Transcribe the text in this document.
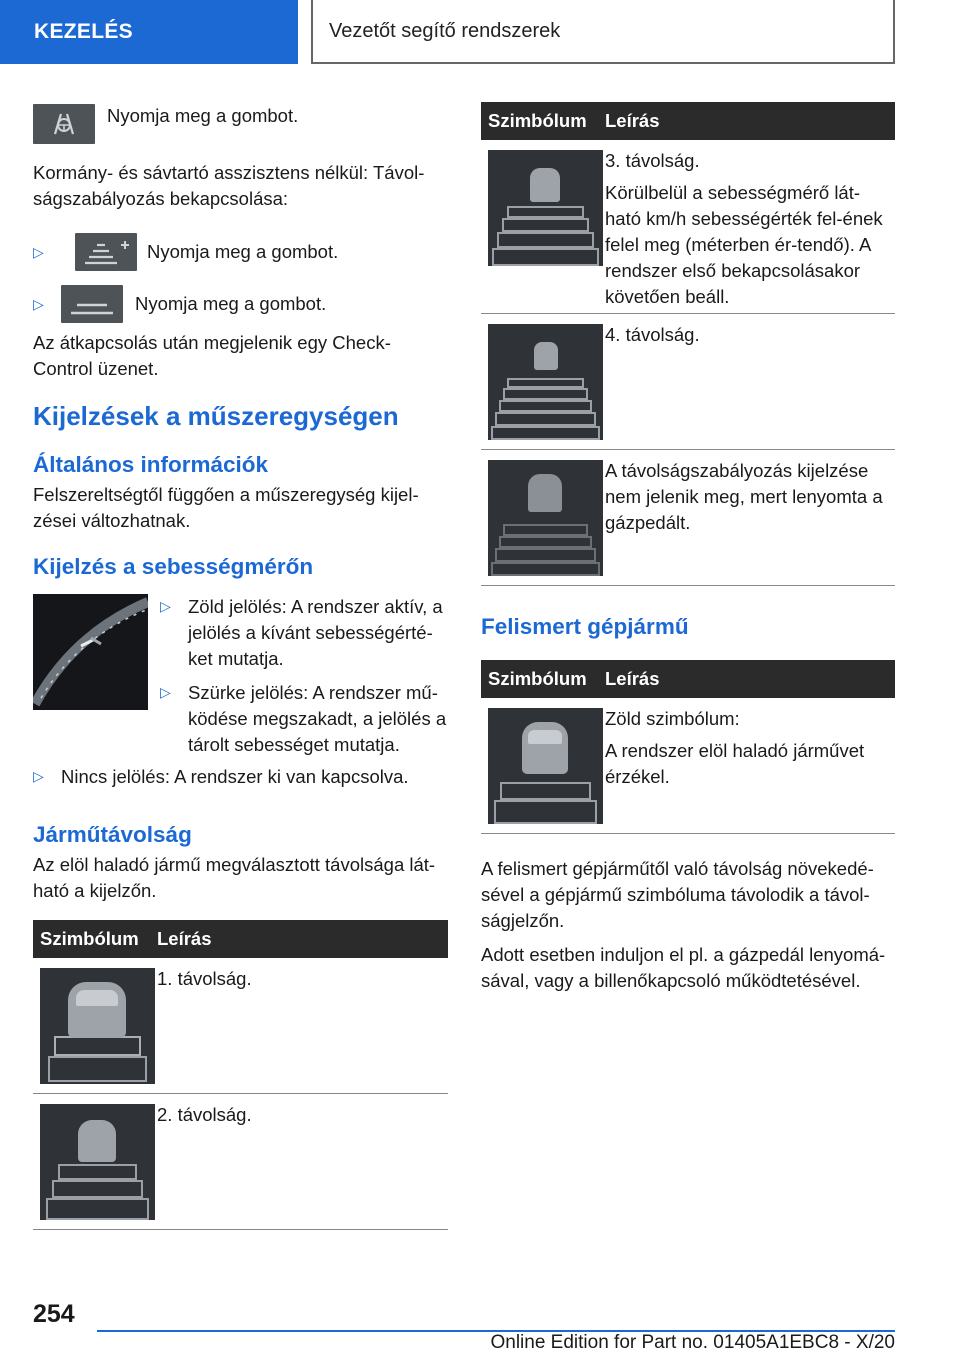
KEZELÉS	Vezetőt segítő rendszerek

Nyomja meg a gombot.

Kormány- és sávtartó asszisztens nélkül: Távol-ságszabályozás bekapcsolása:

▷	Nyomja meg a gombot.

▷	Nyomja meg a gombot.

Az átkapcsolás után megjelenik egy Check-Control üzenet.

Kijelzések a műszeregységen
Általános információk

Felszereltségtől függően a műszeregység kijel-zései változhatnak.

Kijelzés a sebességmérőn
▷ Zöld jelölés: A rendszer aktív, a jelölés a kívánt sebességérté-ket mutatja.

▷ Szürke jelölés: A rendszer mű-ködése megszakadt, a jelölés a tárolt sebességet mutatja.

▷ Nincs jelölés: A rendszer ki van kapcsolva.

Járműtávolság

Az elöl haladó jármű megválasztott távolsága lát-ható a kijelzőn.

Szimbólum Leírás

1. távolság.

2. távolság.

Szimbólum Leírás

3. távolság.

Körülbelül a sebességmérő lát-ható km/h sebességérték fel-ének felel meg (méterben ér-tendő). A rendszer első bekapcsolásakor követően beáll.

4. távolság.

A távolságszabályozás kijelzése nem jelenik meg, mert lenyomta a gázpedált.

Felismert gépjármű
Szimbólum Leírás

Zöld szimbólum:

A rendszer elöl haladó járművet érzékel.

A felismert gépjárműtől való távolság növekedé-sével a gépjármű szimbóluma távolodik a távol-ságjelzőn.

Adott esetben induljon el pl. a gázpedál lenyomá-sával, vagy a billenőkapcsoló működtetésével.

254
Online Edition for Part no. 01405A1EBC8 - X/20
